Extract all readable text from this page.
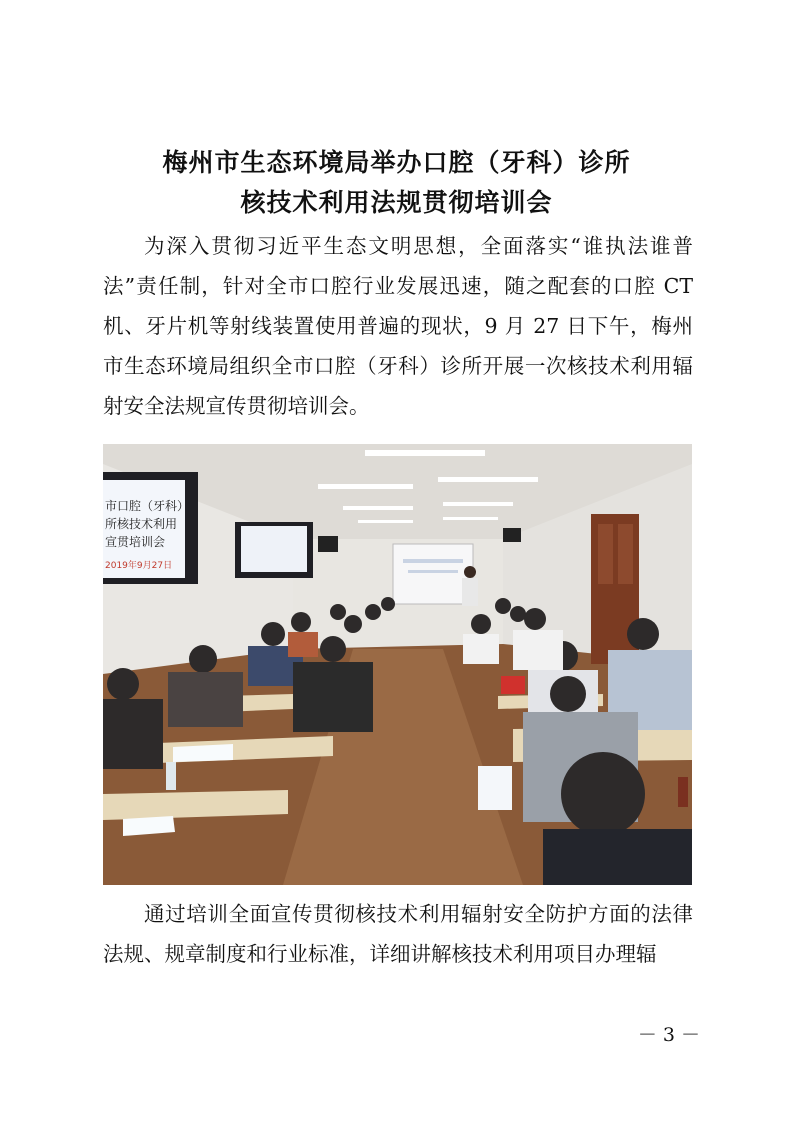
梅州市生态环境局举办口腔（牙科）诊所
核技术利用法规贯彻培训会

为深入贯彻习近平生态文明思想，全面落实“谁执法谁普法”责任制，针对全市口腔行业发展迅速，随之配套的口腔 CT 机、牙片机等射线装置使用普遍的现状，9 月 27 日下午，梅州市生态环境局组织全市口腔（牙科）诊所开展一次核技术利用辐射安全法规宣传贯彻培训会。

市口腔（牙科）
所核技术利用
宣贯培训会
2019年9月27日

通过培训全面宣传贯彻核技术利用辐射安全防护方面的法律法规、规章制度和行业标准，详细讲解核技术利用项目办理辐

－ 3 －
